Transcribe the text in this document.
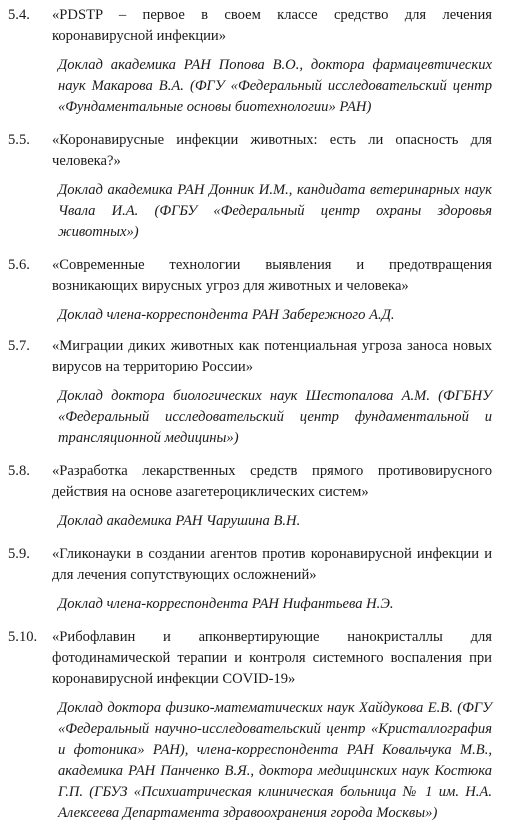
5.4. «PDSTP – первое в своем классе средство для лечения коронавирусной инфекции»

Доклад академика РАН Попова В.О., доктора фармацевтических наук Макарова В.А. (ФГУ «Федеральный исследовательский центр «Фундаментальные основы биотехнологии» РАН)

5.5. «Коронавирусные инфекции животных: есть ли опасность для человека?»

Доклад академика РАН Донник И.М., кандидата ветеринарных наук Чвала И.А. (ФГБУ «Федеральный центр охраны здоровья животных»)

5.6. «Современные технологии выявления и предотвращения возникающих вирусных угроз для животных и человека»

Доклад члена-корреспондента РАН Забережного А.Д.

5.7. «Миграции диких животных как потенциальная угроза заноса новых вирусов на территорию России»

Доклад доктора биологических наук Шестопалова А.М. (ФГБНУ «Федеральный исследовательский центр фундаментальной и трансляционной медицины»)

5.8. «Разработка лекарственных средств прямого противовирусного действия на основе азагетероциклических систем»

Доклад академика РАН Чарушина В.Н.

5.9. «Гликонауки в создании агентов против коронавирусной инфекции и для лечения сопутствующих осложнений»

Доклад члена-корреспондента РАН Нифантьева Н.Э.

5.10. «Рибофлавин и апконвертирующие нанокристаллы для фотодинамической терапии и контроля системного воспаления при коронавирусной инфекции COVID-19»

Доклад доктора физико-математических наук Хайдукова Е.В. (ФГУ «Федеральный научно-исследовательский центр «Кристаллография и фотоника» РАН), члена-корреспондента РАН Ковальчука М.В., академика РАН Панченко В.Я., доктора медицинских наук Костюка Г.П. (ГБУЗ «Психиатрическая клиническая больница № 1 им. Н.А. Алексеева Департамента здравоохранения города Москвы»)
